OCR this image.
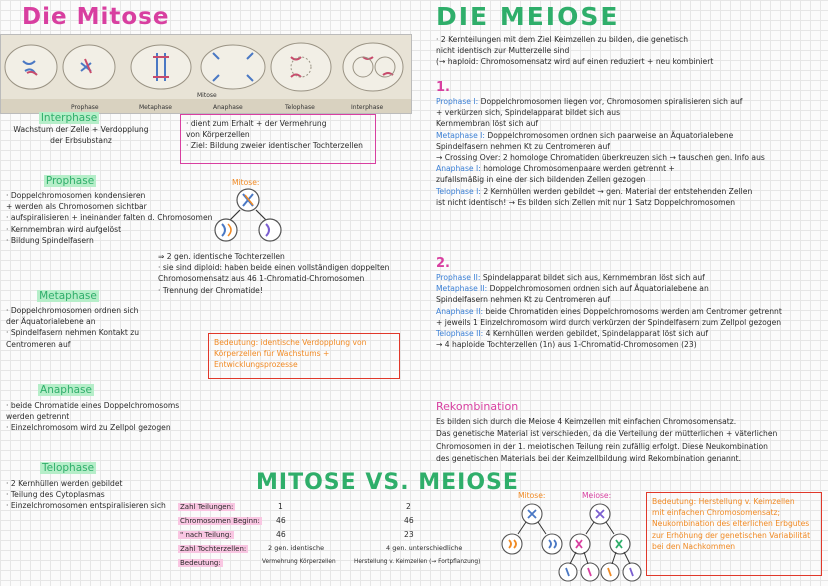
Die Mitose
Prophase	Metaphase	Anaphase	Telophase	Interphase
Mitose
Interphase
Wachstum der Zelle + Verdopplung
der Erbsubstanz
· dient zum Erhalt + der Vermehrung
von Körperzellen
· Ziel: Bildung zweier identischer Tochterzellen
Prophase
· Doppelchromosomen kondensieren
+ werden als Chromosomen sichtbar
· aufspiralisieren + ineinander falten d. Chromosomen
· Kernmembran wird aufgelöst
· Bildung Spindelfasern
Mitose:
⇒ 2 gen. identische Tochterzellen
· sie sind diploid: haben beide einen vollständigen doppelten
Chromosomensatz aus 46 1-Chromatid-Chromosomen
· Trennung der Chromatide!
Metaphase
· Doppelchromosomen ordnen sich
der Äquatorialebene an
· Spindelfasern nehmen Kontakt zu
Centromeren auf	Bedeutung: identische Verdopplung von
Körperzellen für Wachstums +
Entwicklungsprozesse
Anaphase
· beide Chromatide eines Doppelchromosoms
werden getrennt
· Einzelchromosom wird zu Zellpol gezogen
Telophase
· 2 Kernhüllen werden gebildet
· Teilung des Cytoplasmas
· Einzelchromosomen entspiralisieren sich
DIE MEIOSE
· 2 Kernteilungen mit dem Ziel Keimzellen zu bilden, die genetisch
nicht identisch zur Mutterzelle sind
(→ haploid: Chromosomensatz wird auf einen reduziert + neu kombiniert
1.
Prophase I: Doppelchromosomen liegen vor, Chromosomen spiralisieren sich auf
+ verkürzen sich, Spindelapparat bildet sich aus
Kernmembran löst sich auf
Metaphase I: Doppelchromosomen ordnen sich paarweise an Äquatorialebene
Spindelfasern nehmen Kt zu Centromeren auf
→ Crossing Over: 2 homologe Chromatiden überkreuzen sich → tauschen gen. Info aus
Anaphase I: homologe Chromosomenpaare werden getrennt +
zufallsmäßig in eine der sich bildenden Zellen gezogen
Telophase I: 2 Kernhüllen werden gebildet → gen. Material der entstehenden Zellen
ist nicht identisch! → Es bilden sich Zellen mit nur 1 Satz Doppelchromosomen
2.
Prophase II: Spindelapparat bildet sich aus, Kernmembran löst sich auf
Metaphase II: Doppelchromosomen ordnen sich auf Äquatorialebene an
Spindelfasern nehmen Kt zu Centromeren auf
Anaphase II: beide Chromatiden eines Doppelchromosoms werden am Centromer getrennt
+ jeweils 1 Einzelchromosom wird durch verkürzen der Spindelfasern zum Zellpol gezogen
Telophase II: 4 Kernhüllen werden gebildet, Spindelapparat löst sich auf
→ 4 haploide Tochterzellen (1n) aus 1-Chromatid-Chromosomen (23)
Rekombination
Es bilden sich durch die Meiose 4 Keimzellen mit einfachen Chromosomensatz.
Das genetische Material ist verschieden, da die Verteilung der mütterlichen + väterlichen
Chromosomen in der 1. meiotischen Teilung rein zufällig erfolgt. Diese Neukombination
des genetischen Materials bei der Keimzellbildung wird Rekombination genannt.
Mitose:	Meiose:
Bedeutung: Herstellung v. Keimzellen
mit einfachen Chromosomensatz;
Neukombination des elterlichen Erbgutes
zur Erhöhung der genetischen Variabilität
bei den Nachkommen
MITOSE VS. MEIOSE
Zahl Teilungen:	1	2
Chromosomen Beginn: 46	46
" nach Teilung:	46	23
Zahl Tochterzellen:	2 gen. identische	4 gen. unterschiedliche
Bedeutung:	Vermehrung Körperzellen	Herstellung v. Keimzellen (→ Fortpflanzung)
